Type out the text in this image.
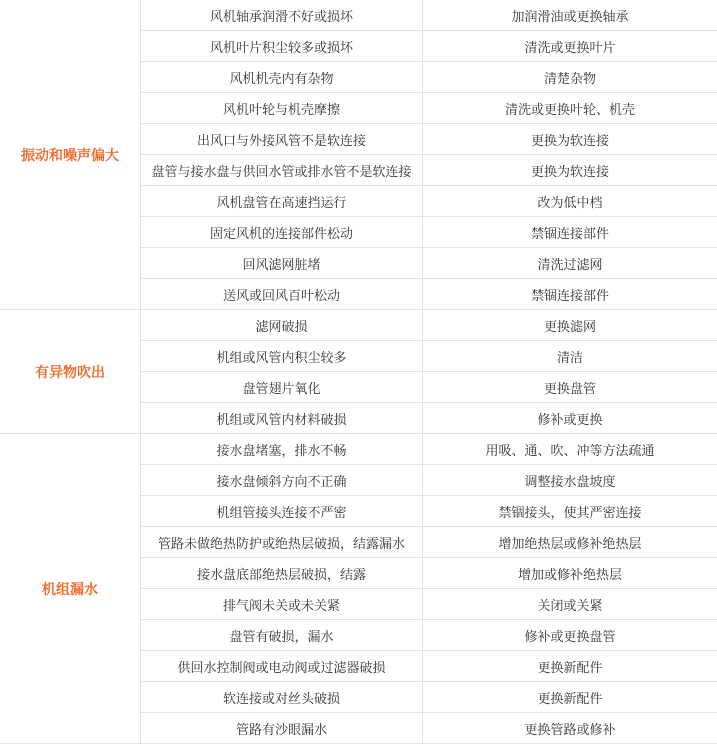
振动和噪声偏大	风机轴承润滑不好或损坏	加润滑油或更换轴承
	风机叶片积尘较多或损坏	清洗或更换叶片
	风机机壳内有杂物	清楚杂物
	风机叶轮与机壳摩擦	清洗或更换叶轮、机壳
	出风口与外接风管不是软连接	更换为软连接
	盘管与接水盘与供回水管或排水管不是软连接	更换为软连接
	风机盘管在高速挡运行	改为低中档
	固定风机的连接部件松动	禁锢连接部件
	回风滤网脏堵	清洗过滤网
	送风或回风百叶松动	禁锢连接部件
有异物吹出	滤网破损	更换滤网
	机组或风管内积尘较多	清洁
	盘管翅片氧化	更换盘管
	机组或风管内材料破损	修补或更换
机组漏水	接水盘堵塞，排水不畅	用吸、通、吹、冲等方法疏通
	接水盘倾斜方向不正确	调整接水盘坡度
	机组管接头连接不严密	禁锢接头，使其严密连接
	管路未做绝热防护或绝热层破损，结露漏水	增加绝热层或修补绝热层
	接水盘底部绝热层破损，结露	增加或修补绝热层
	排气阀未关或未关紧	关闭或关紧
	盘管有破损，漏水	修补或更换盘管
	供回水控制阀或电动阀或过滤器破损	更换新配件
	软连接或对丝头破损	更换新配件
	管路有沙眼漏水	更换管路或修补
